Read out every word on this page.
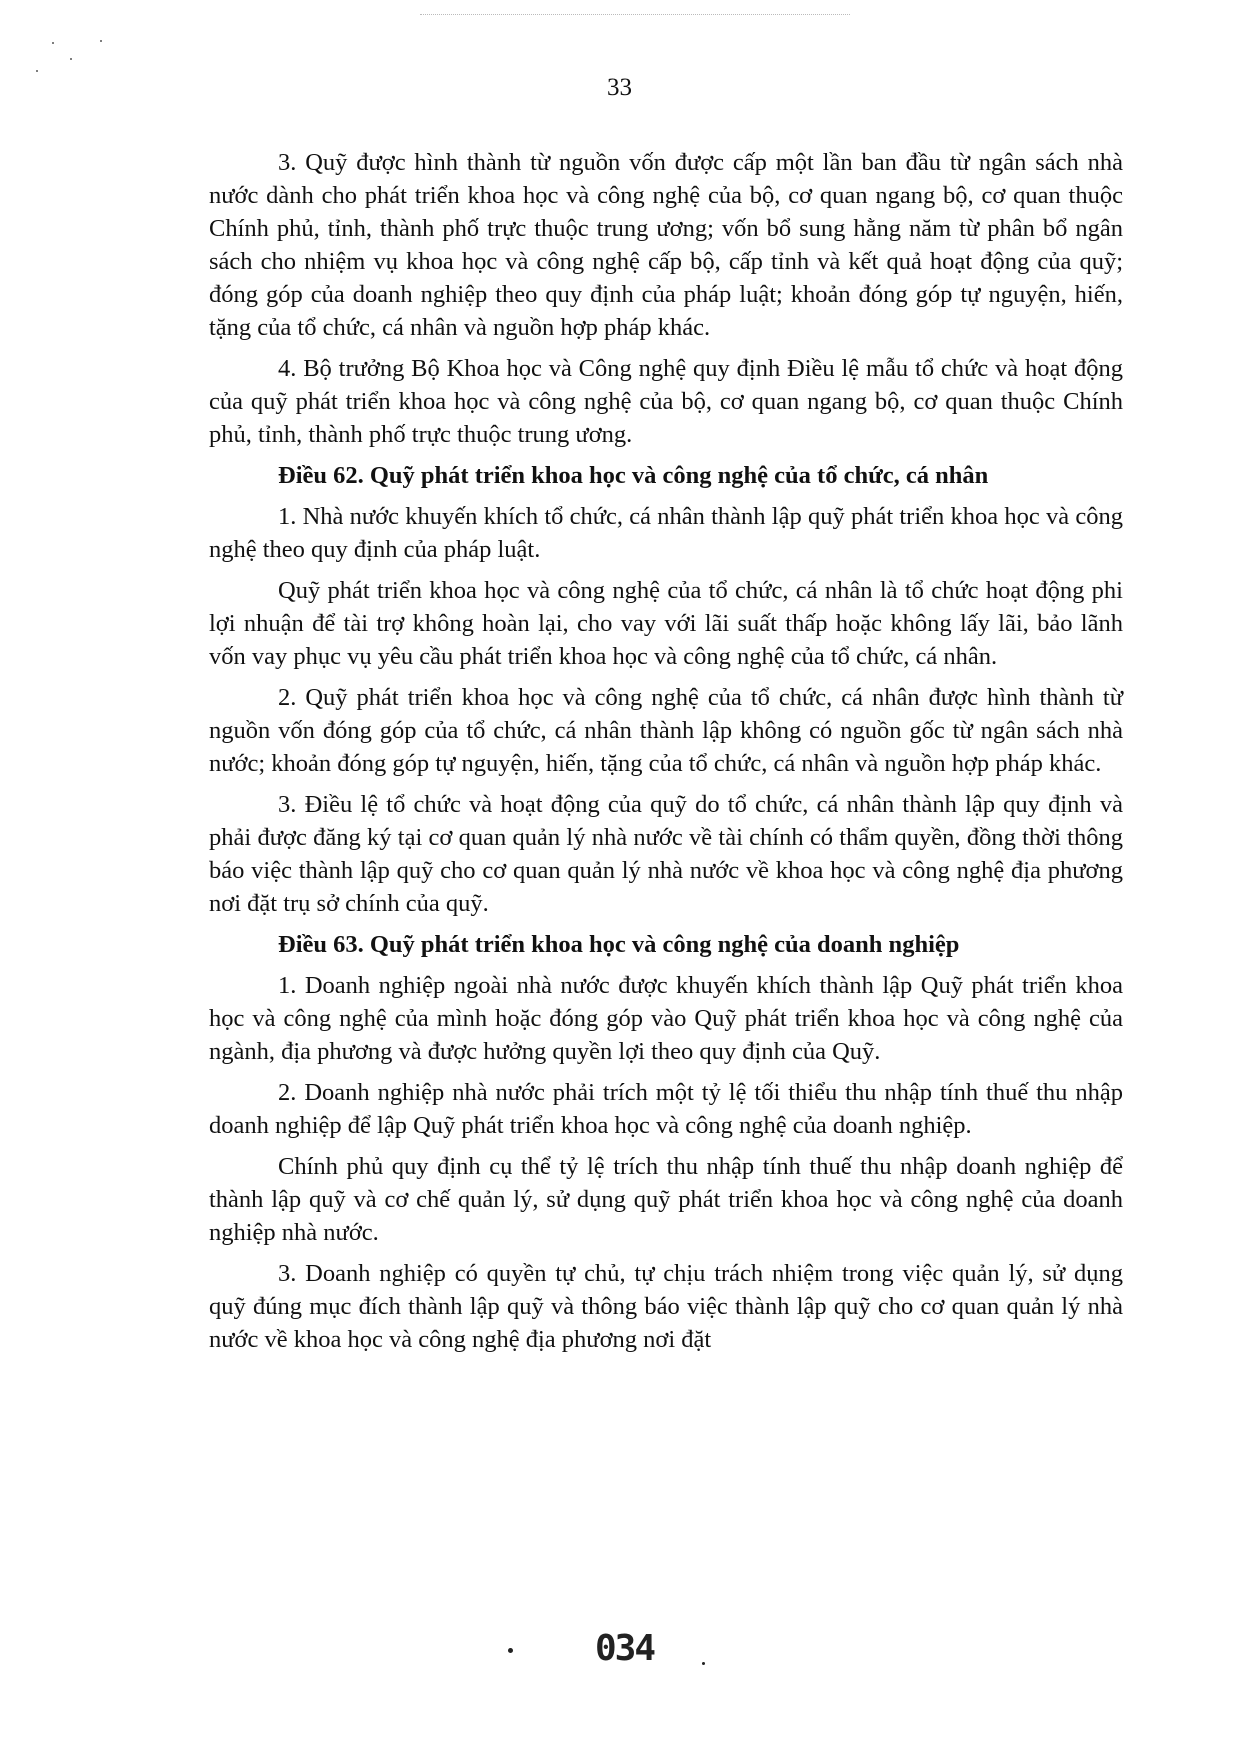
33

3. Quỹ được hình thành từ nguồn vốn được cấp một lần ban đầu từ ngân sách nhà nước dành cho phát triển khoa học và công nghệ của bộ, cơ quan ngang bộ, cơ quan thuộc Chính phủ, tỉnh, thành phố trực thuộc trung ương; vốn bổ sung hằng năm từ phân bổ ngân sách cho nhiệm vụ khoa học và công nghệ cấp bộ, cấp tỉnh và kết quả hoạt động của quỹ; đóng góp của doanh nghiệp theo quy định của pháp luật; khoản đóng góp tự nguyện, hiến, tặng của tổ chức, cá nhân và nguồn hợp pháp khác.

4. Bộ trưởng Bộ Khoa học và Công nghệ quy định Điều lệ mẫu tổ chức và hoạt động của quỹ phát triển khoa học và công nghệ của bộ, cơ quan ngang bộ, cơ quan thuộc Chính phủ, tỉnh, thành phố trực thuộc trung ương.

Điều 62. Quỹ phát triển khoa học và công nghệ của tổ chức, cá nhân

1. Nhà nước khuyến khích tổ chức, cá nhân thành lập quỹ phát triển khoa học và công nghệ theo quy định của pháp luật.

Quỹ phát triển khoa học và công nghệ của tổ chức, cá nhân là tổ chức hoạt động phi lợi nhuận để tài trợ không hoàn lại, cho vay với lãi suất thấp hoặc không lấy lãi, bảo lãnh vốn vay phục vụ yêu cầu phát triển khoa học và công nghệ của tổ chức, cá nhân.

2. Quỹ phát triển khoa học và công nghệ của tổ chức, cá nhân được hình thành từ nguồn vốn đóng góp của tổ chức, cá nhân thành lập không có nguồn gốc từ ngân sách nhà nước; khoản đóng góp tự nguyện, hiến, tặng của tổ chức, cá nhân và nguồn hợp pháp khác.

3. Điều lệ tổ chức và hoạt động của quỹ do tổ chức, cá nhân thành lập quy định và phải được đăng ký tại cơ quan quản lý nhà nước về tài chính có thẩm quyền, đồng thời thông báo việc thành lập quỹ cho cơ quan quản lý nhà nước về khoa học và công nghệ địa phương nơi đặt trụ sở chính của quỹ.

Điều 63. Quỹ phát triển khoa học và công nghệ của doanh nghiệp

1. Doanh nghiệp ngoài nhà nước được khuyến khích thành lập Quỹ phát triển khoa học và công nghệ của mình hoặc đóng góp vào Quỹ phát triển khoa học và công nghệ của ngành, địa phương và được hưởng quyền lợi theo quy định của Quỹ.

2. Doanh nghiệp nhà nước phải trích một tỷ lệ tối thiểu thu nhập tính thuế thu nhập doanh nghiệp để lập Quỹ phát triển khoa học và công nghệ của doanh nghiệp.

Chính phủ quy định cụ thể tỷ lệ trích thu nhập tính thuế thu nhập doanh nghiệp để thành lập quỹ và cơ chế quản lý, sử dụng quỹ phát triển khoa học và công nghệ của doanh nghiệp nhà nước.

3. Doanh nghiệp có quyền tự chủ, tự chịu trách nhiệm trong việc quản lý, sử dụng quỹ đúng mục đích thành lập quỹ và thông báo việc thành lập quỹ cho cơ quan quản lý nhà nước về khoa học và công nghệ địa phương nơi đặt

034
